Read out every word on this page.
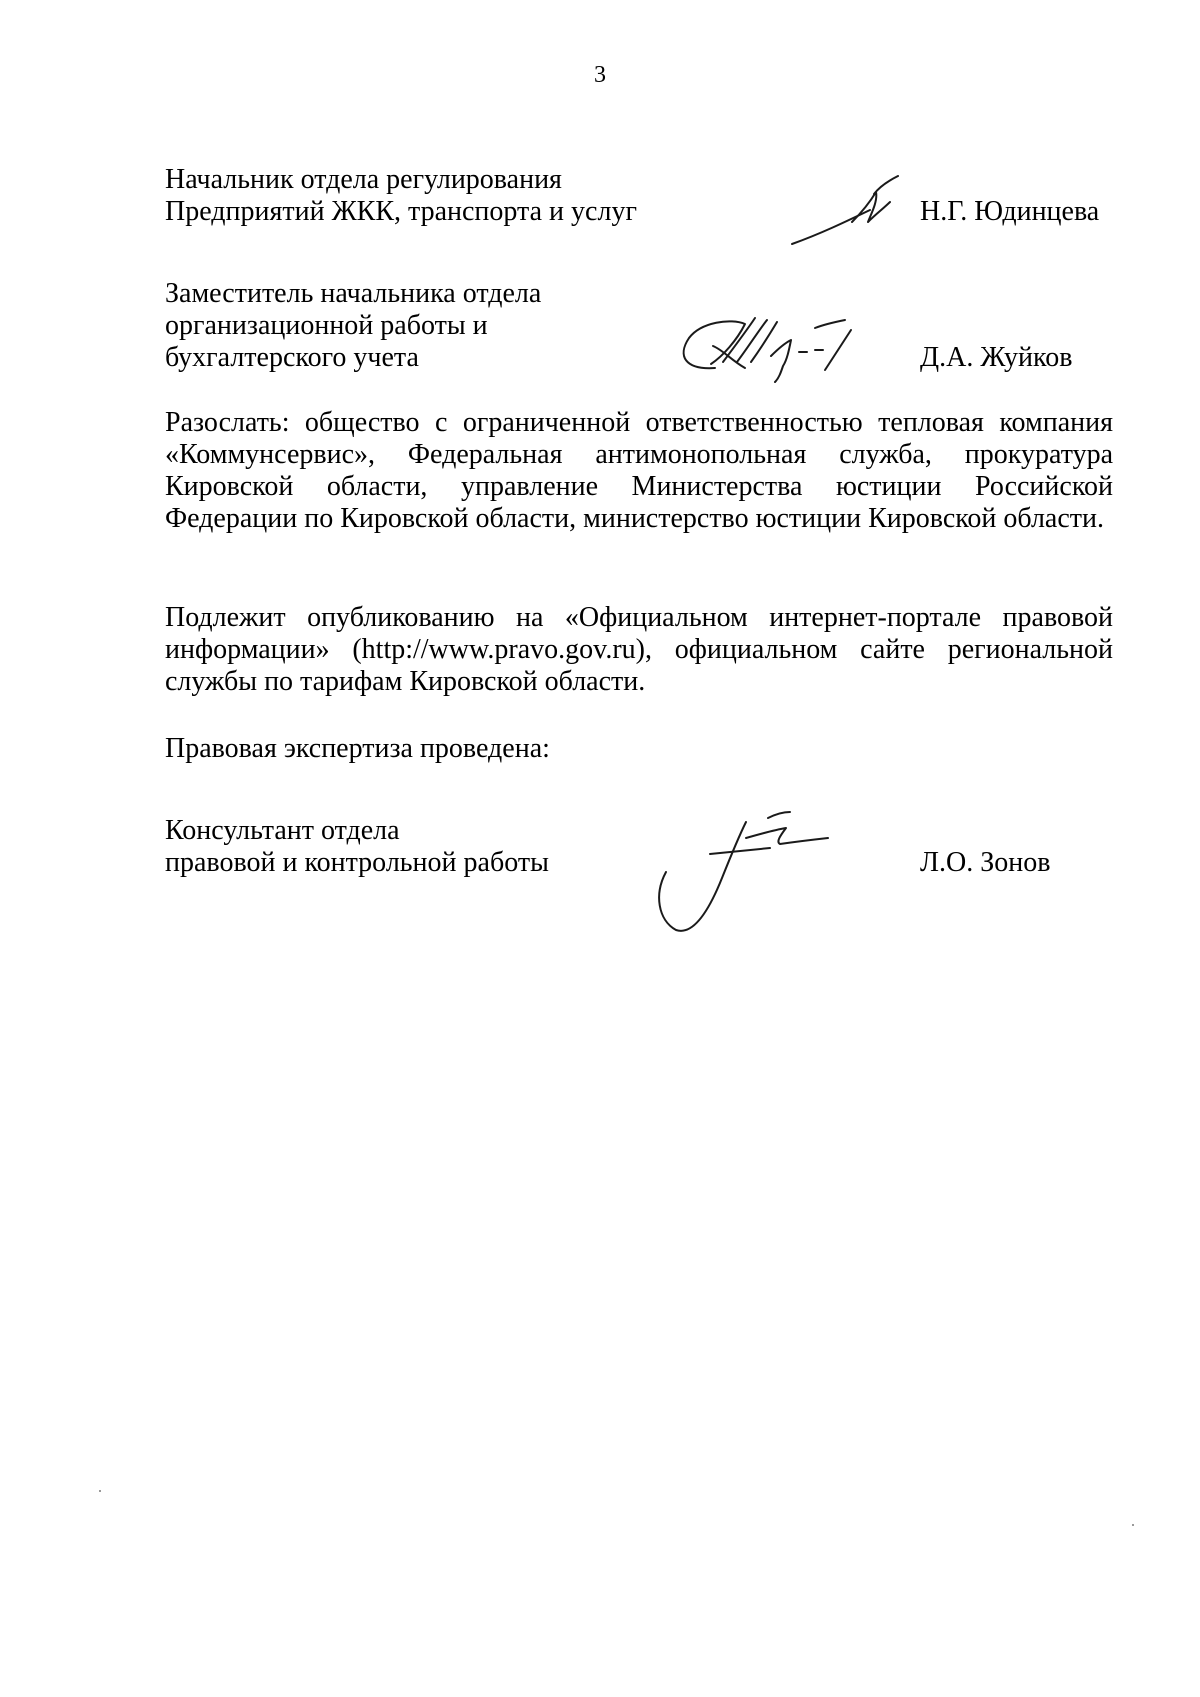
3
Начальник отдела регулирования
Предприятий ЖКК, транспорта и услуг	Н.Г. Юдинцева
Заместитель начальника отдела
организационной работы и
бухгалтерского учета	Д.А. Жуйков
Разослать: общество с ограниченной ответственностью тепловая компания «Коммунсервис», Федеральная антимонопольная служба, прокуратура Кировской области, управление Министерства юстиции Российской Федерации по Кировской области, министерство юстиции Кировской области.
Подлежит опубликованию на «Официальном интернет-портале правовой информации» (http://www.pravo.gov.ru), официальном сайте региональной службы по тарифам Кировской области.
Правовая экспертиза проведена:
Консультант отдела
правовой и контрольной работы	Л.О. Зонов
